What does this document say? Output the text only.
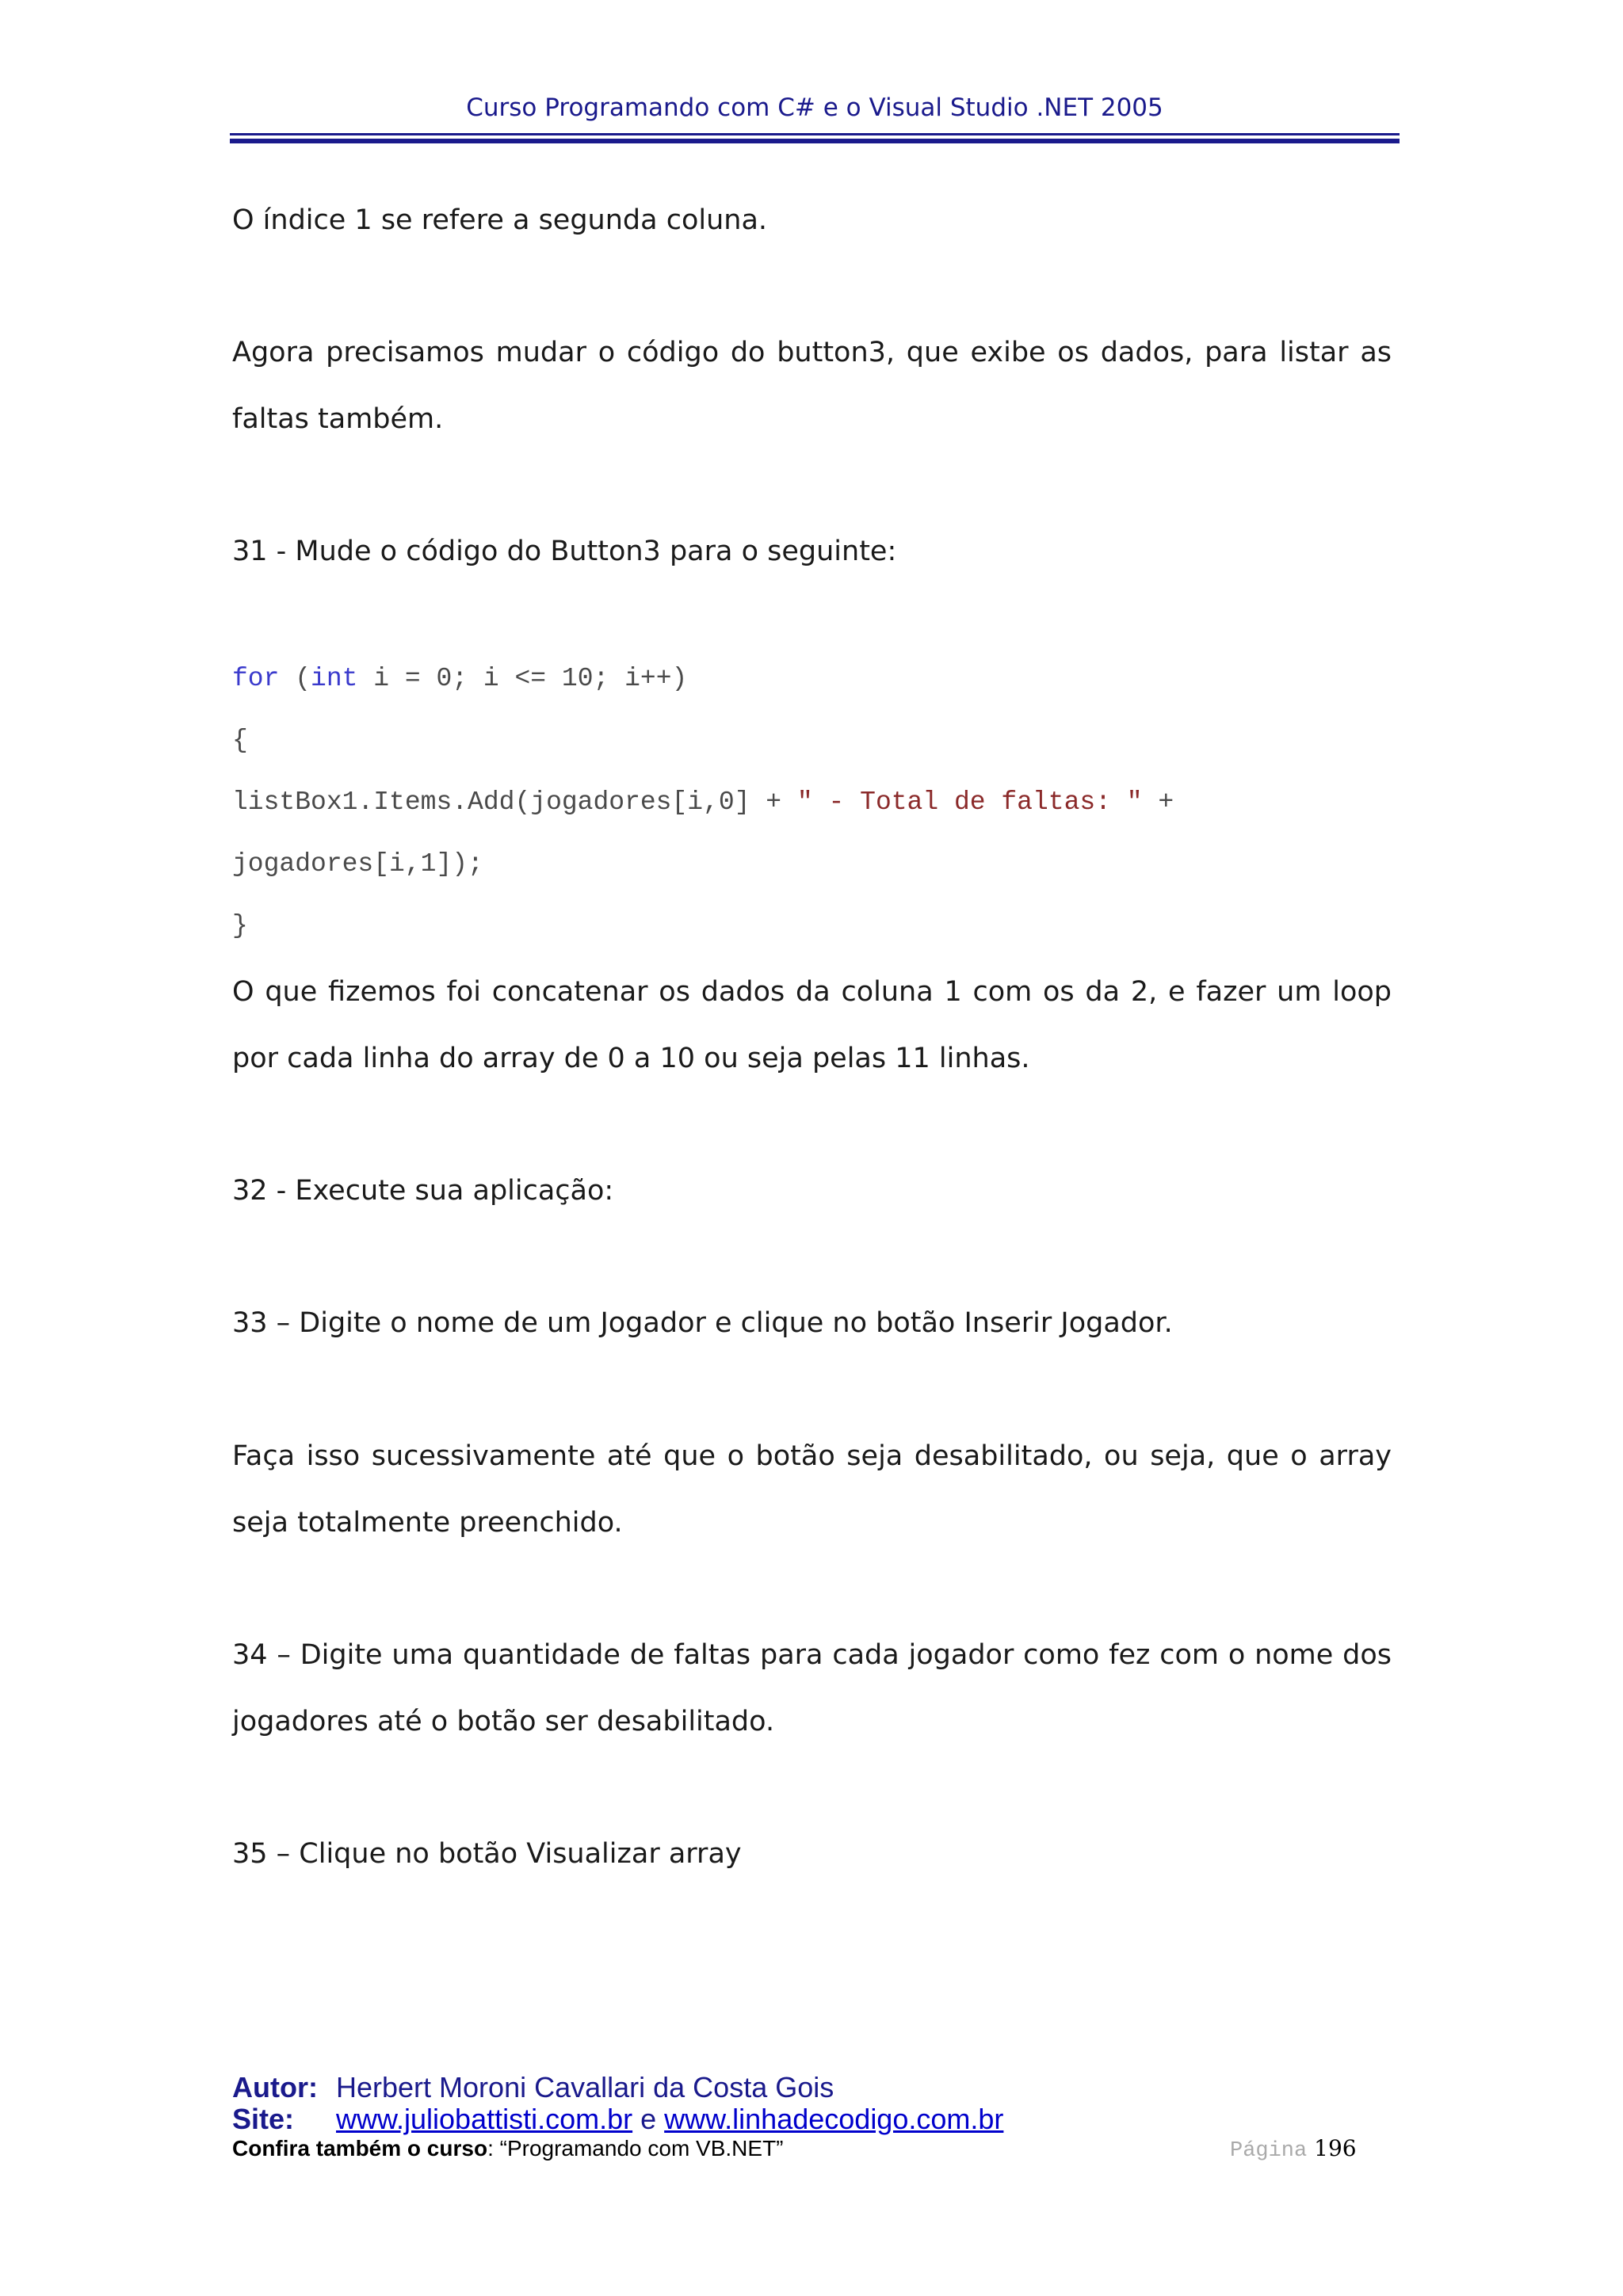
Curso Programando com C# e o Visual Studio .NET 2005
O índice 1 se refere a segunda coluna.
Agora precisamos mudar o código do button3, que exibe os dados, para listar as faltas também.
31 - Mude o código do Button3 para o seguinte:
for (int i = 0; i <= 10; i++)
{
listBox1.Items.Add(jogadores[i,0] + " - Total de faltas: " +
jogadores[i,1]);
}
O que fizemos foi concatenar os dados da coluna 1 com os da 2, e fazer um loop por cada linha do array de 0 a 10 ou seja pelas 11 linhas.
32 - Execute sua aplicação:
33 – Digite o nome de um Jogador e clique no botão Inserir Jogador.
Faça isso sucessivamente até que o botão seja desabilitado, ou seja, que o array seja totalmente preenchido.
34 – Digite uma quantidade de faltas para cada jogador como fez com o nome dos jogadores até o botão ser desabilitado.
35 – Clique no botão Visualizar array
Autor: Herbert Moroni Cavallari da Costa Gois
Site: www.juliobattisti.com.br e www.linhadecodigo.com.br
Confira também o curso: “Programando com VB.NET”	Página 196
